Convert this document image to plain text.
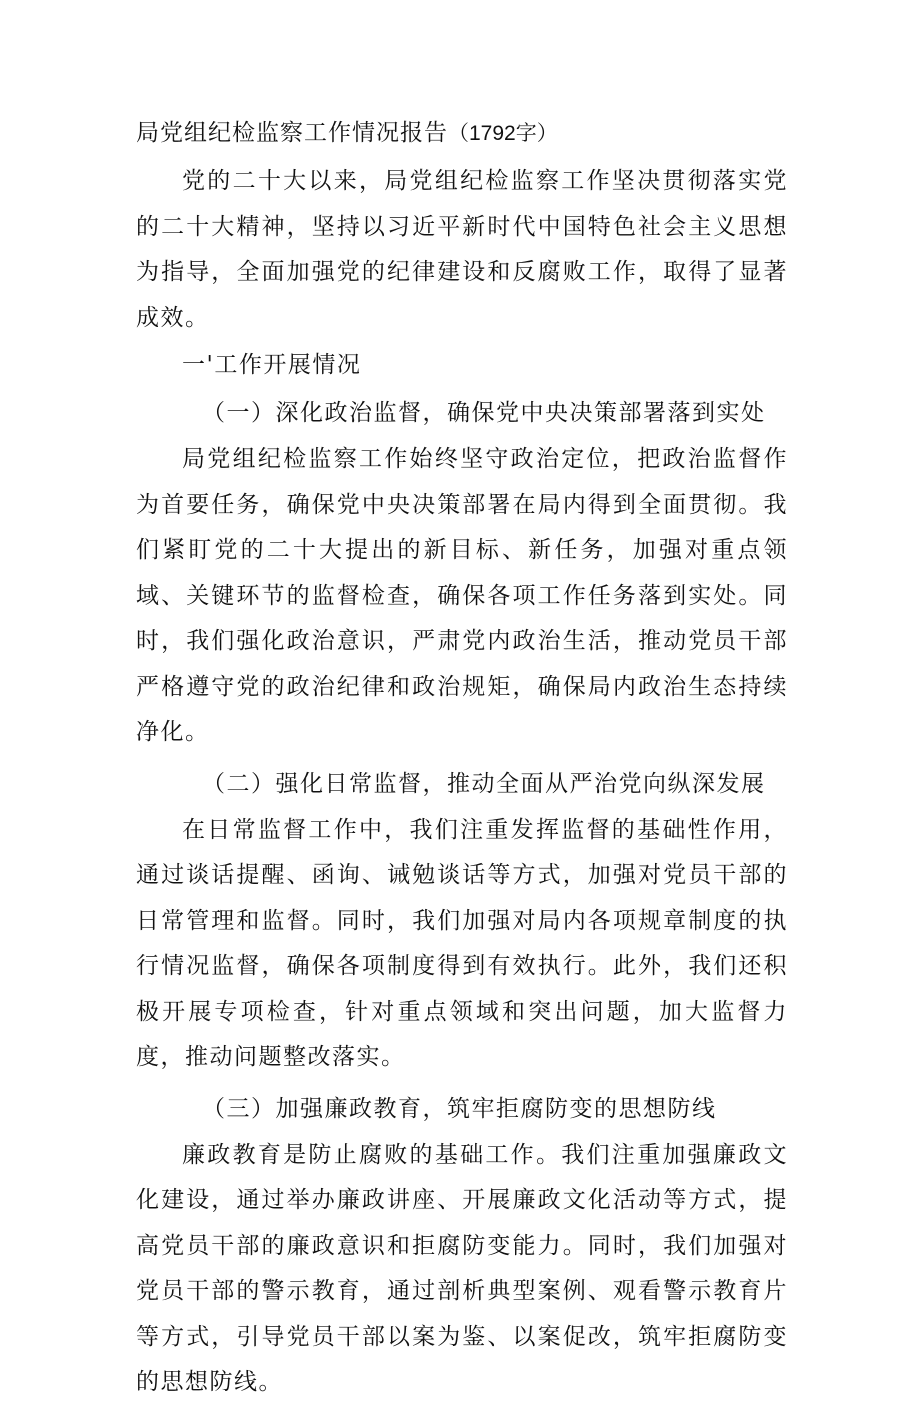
局党组纪检监察工作情况报告（1792字）

党的二十大以来，局党组纪检监察工作坚决贯彻落实党的二十大精神，坚持以习近平新时代中国特色社会主义思想为指导，全面加强党的纪律建设和反腐败工作，取得了显著成效。

一'工作开展情况

（一）深化政治监督，确保党中央决策部署落到实处

局党组纪检监察工作始终坚守政治定位，把政治监督作为首要任务，确保党中央决策部署在局内得到全面贯彻。我们紧盯党的二十大提出的新目标、新任务，加强对重点领域、关键环节的监督检查，确保各项工作任务落到实处。同时，我们强化政治意识，严肃党内政治生活，推动党员干部严格遵守党的政治纪律和政治规矩，确保局内政治生态持续净化。

（二）强化日常监督，推动全面从严治党向纵深发展

在日常监督工作中，我们注重发挥监督的基础性作用，通过谈话提醒、函询、诫勉谈话等方式，加强对党员干部的日常管理和监督。同时，我们加强对局内各项规章制度的执行情况监督，确保各项制度得到有效执行。此外，我们还积极开展专项检查，针对重点领域和突出问题，加大监督力度，推动问题整改落实。

（三）加强廉政教育，筑牢拒腐防变的思想防线

廉政教育是防止腐败的基础工作。我们注重加强廉政文化建设，通过举办廉政讲座、开展廉政文化活动等方式，提高党员干部的廉政意识和拒腐防变能力。同时，我们加强对党员干部的警示教育，通过剖析典型案例、观看警示教育片等方式，引导党员干部以案为鉴、以案促改，筑牢拒腐防变的思想防线。
